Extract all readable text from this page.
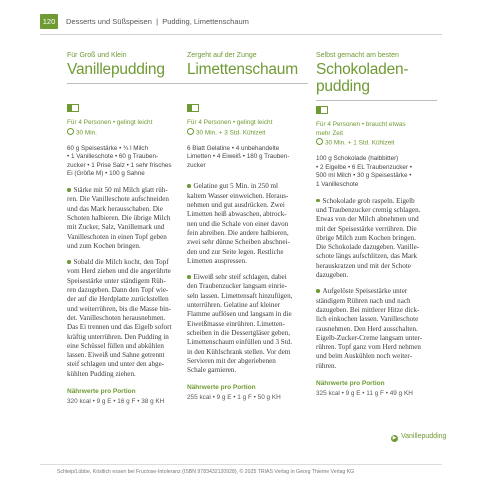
120	Desserts und Süßspeisen | Pudding, Limettenschaum
Für Groß und Klein
Vanillepudding
Für 4 Personen • gelingt leicht
30 Min.
60 g Speisestärke • ¾ l Milch
• 1 Vanilleschote • 60 g Trauben-
zucker • 1 Prise Salz • 1 sehr frisches
Ei (Größe M) • 100 g Sahne
Stärke mit 50 ml Milch glatt rüh-
ren. Die Vanilleschote aufschneiden
und das Mark herausschaben. Die
Schoten halbieren. Die übrige Milch
mit Zucker, Salz, Vanillemark und
Vanilleschoten in einen Topf geben
und zum Kochen bringen.
Sobald die Milch kocht, den Topf
vom Herd ziehen und die angerührte
Speisestärke unter ständigem Rüh-
ren dazugeben. Dann den Topf wie-
der auf die Herdplatte zurückstellen
und weiterrühren, bis die Masse bin-
det. Vanilleschoten herausnehmen.
Das Ei trennen und das Eigelb sofort
kräftig unterrühren. Den Pudding in
eine Schüssel füllen und abkühlen
lassen. Eiweiß und Sahne getrennt
steif schlagen und unter den abge-
kühlten Pudding ziehen.
Nährwerte pro Portion
320 kcal • 9 g E • 16 g F • 38 g KH
Zergeht auf der Zunge
Limettenschaum
Für 4 Personen • gelingt leicht
30 Min. + 3 Std. Kühlzeit
6 Blatt Gelatine • 4 unbehandelte
Limetten • 4 Eiweiß • 180 g Trauben-
zucker
Gelatine gut 5 Min. in 250 ml
kaltem Wasser einweichen. Heraus-
nehmen und gut ausdrücken. Zwei
Limetten heiß abwaschen, abtrock-
nen und die Schale von einer davon
fein abreiben. Die andere halbieren,
zwei sehr dünne Scheiben abschnei-
den und zur Seite legen. Restliche
Limetten auspressen.
Eiweiß sehr steif schlagen, dabei
den Traubenzucker langsam einrie-
seln lassen. Limettensaft hinzufügen,
unterrühren. Gelatine auf kleiner
Flamme auflösen und langsam in die
Eiweißmasse einrühren. Limetten-
scheiben in die Dessertgläser geben,
Limettenschaum einfüllen und 3 Std.
in den Kühlschrank stellen. Vor dem
Servieren mit der abgeriebenen
Schale garnieren.
Nährwerte pro Portion
255 kcal • 9 g E • 1 g F • 50 g KH
Selbst gemacht am besten
Schokoladen-
pudding
Für 4 Personen • braucht etwas
mehr Zeit
30 Min. + 1 Std. Kühlzeit
100 g Schokolade (halbbitter)
• 2 Eigelbe • 6 EL Traubenzucker •
500 ml Milch • 30 g Speisestärke •
1 Vanilleschote
Schokolade grob raspeln. Eigelb
und Traubenzucker cremig schlagen.
Etwas von der Milch abnehmen und
mit der Speisestärke verrühren. Die
übrige Milch zum Kochen bringen.
Die Schokolade dazugeben. Vanille-
schote längs aufschlitzen, das Mark
herauskratzen und mit der Schote
dazugeben.
Aufgelöste Speisestärke unter
ständigem Rühren nach und nach
dazugeben. Bei mittlerer Hitze dick-
lich einkochen lassen. Vanilleschote
rausnehmen. Den Herd ausschalten.
Eigelb-Zucker-Creme langsam unter-
rühren. Topf ganz vom Herd nehmen
und beim Auskühlen noch weiter-
rühren.
Nährwerte pro Portion
325 kcal • 9 g E • 11 g F • 49 g KH
▶ Vanillepudding
Schleip/Lübbe, Köstlich essen bei Fructose-Intoleranz (ISBN 9783432120928), © 2025 TRIAS Verlag in Georg Thieme Verlag KG
